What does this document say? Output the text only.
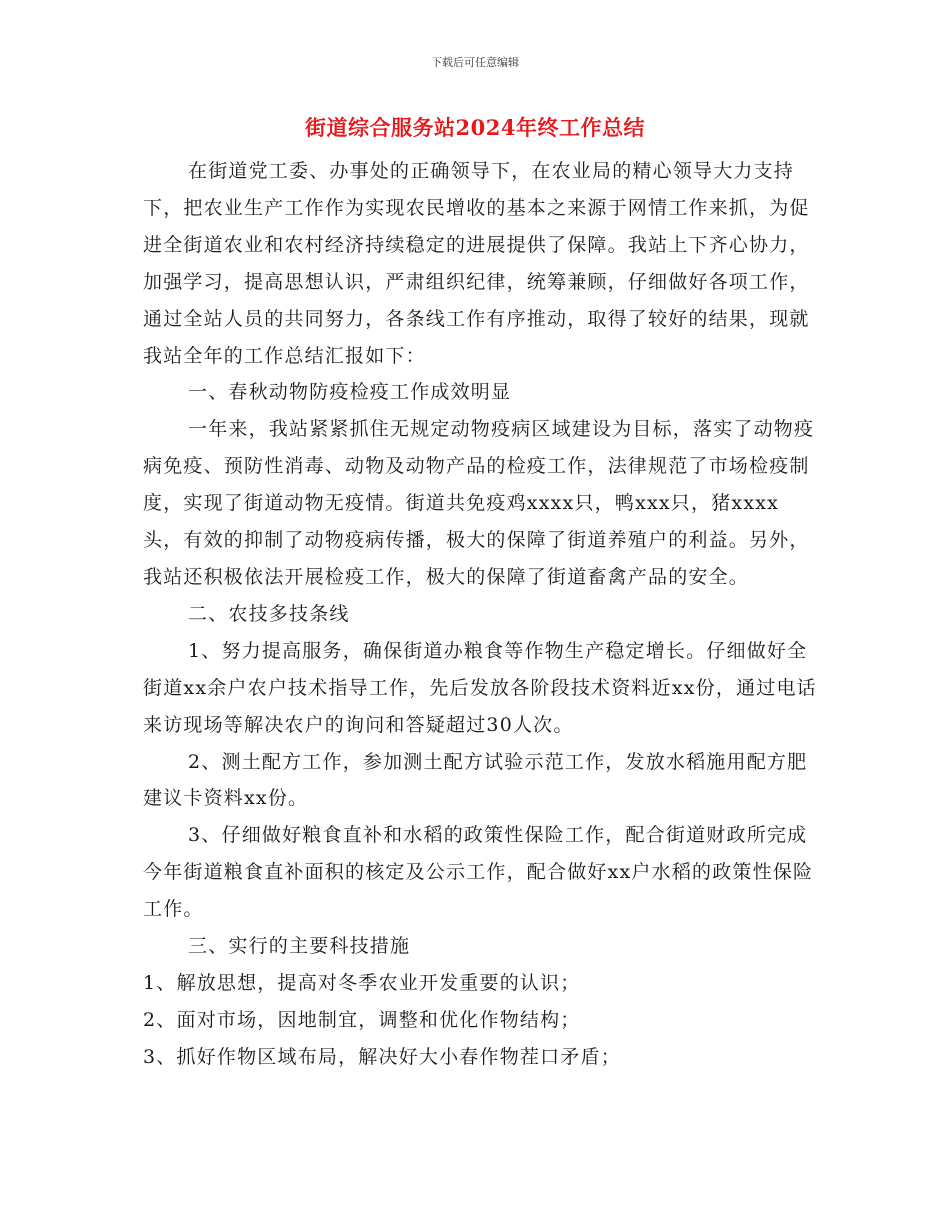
下载后可任意编辑
街道综合服务站2024年终工作总结

在街道党工委、办事处的正确领导下，在农业局的精心领导大力支持下，把农业生产工作作为实现农民增收的基本之来源于网情工作来抓，为促进全街道农业和农村经济持续稳定的进展提供了保障。我站上下齐心协力，加强学习，提高思想认识，严肃组织纪律，统筹兼顾，仔细做好各项工作，通过全站人员的共同努力，各条线工作有序推动，取得了较好的结果，现就我站全年的工作总结汇报如下：

一、春秋动物防疫检疫工作成效明显

一年来，我站紧紧抓住无规定动物疫病区域建设为目标，落实了动物疫病免疫、预防性消毒、动物及动物产品的检疫工作，法律规范了市场检疫制度，实现了街道动物无疫情。街道共免疫鸡xxxx只，鸭xxx只，猪xxxx头，有效的抑制了动物疫病传播，极大的保障了街道养殖户的利益。另外，我站还积极依法开展检疫工作，极大的保障了街道畜禽产品的安全。

二、农技多技条线

1、努力提高服务，确保街道办粮食等作物生产稳定增长。仔细做好全街道xx余户农户技术指导工作，先后发放各阶段技术资料近xx份，通过电话来访现场等解决农户的询问和答疑超过30人次。

2、测土配方工作，参加测土配方试验示范工作，发放水稻施用配方肥建议卡资料xx份。

3、仔细做好粮食直补和水稻的政策性保险工作，配合街道财政所完成今年街道粮食直补面积的核定及公示工作，配合做好xx户水稻的政策性保险工作。

三、实行的主要科技措施

1、解放思想，提高对冬季农业开发重要的认识；

2、面对市场，因地制宜，调整和优化作物结构；

3、抓好作物区域布局，解决好大小春作物茬口矛盾；
